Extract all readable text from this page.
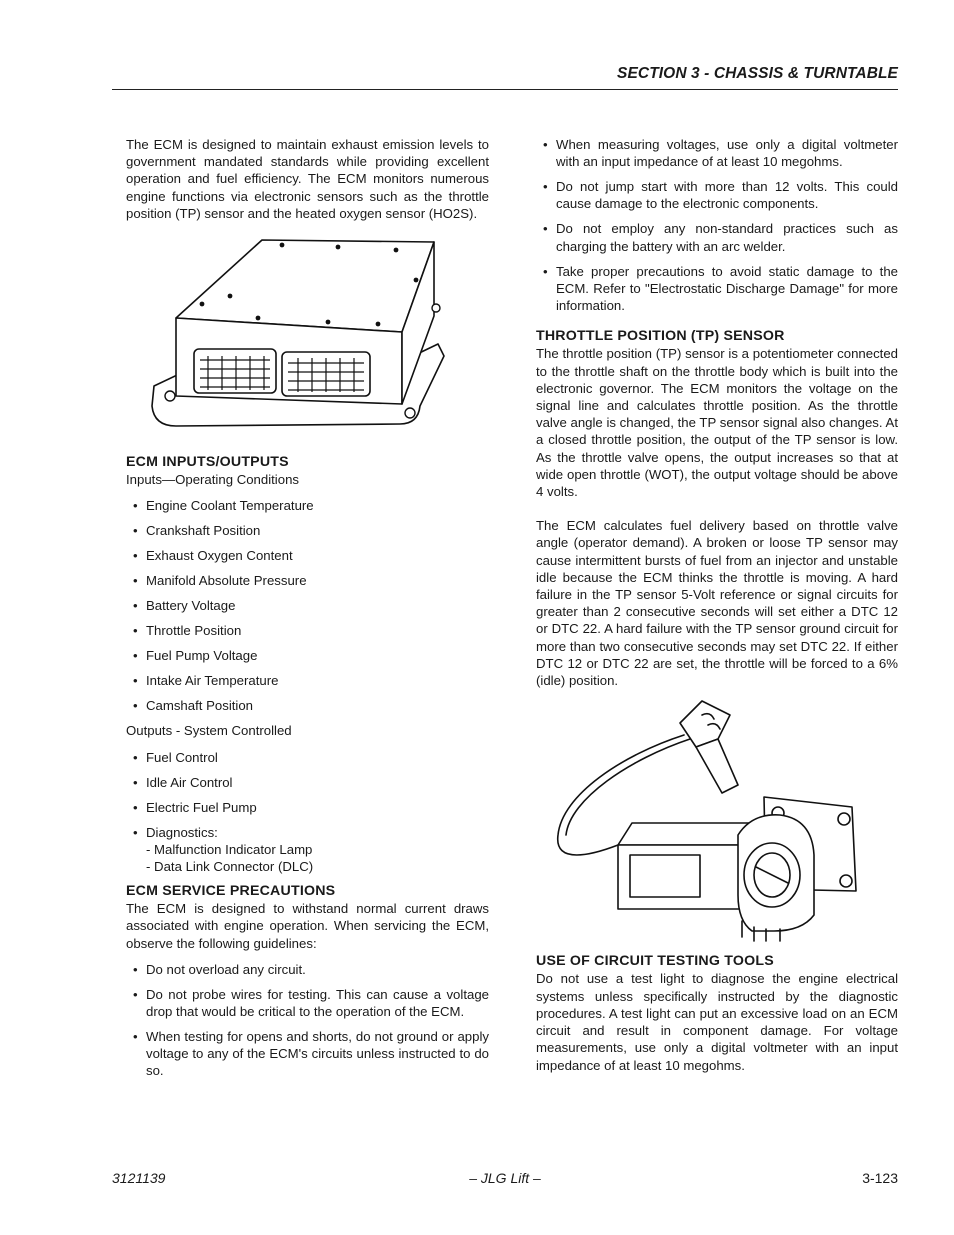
SECTION 3 - CHASSIS & TURNTABLE

The ECM is designed to maintain exhaust emission levels to government mandated standards while providing excellent operation and fuel efficiency. The ECM monitors numerous engine functions via electronic sensors such as the throttle position (TP) sensor and the heated oxygen sensor (HO2S).

ECM INPUTS/OUTPUTS

Inputs—Operating Conditions

• Engine Coolant Temperature
• Crankshaft Position
• Exhaust Oxygen Content
• Manifold Absolute Pressure
• Battery Voltage
• Throttle Position
• Fuel Pump Voltage
• Intake Air Temperature
• Camshaft Position

Outputs - System Controlled

• Fuel Control
• Idle Air Control
• Electric Fuel Pump
• Diagnostics:
- Malfunction Indicator Lamp
- Data Link Connector (DLC)
ECM SERVICE PRECAUTIONS

The ECM is designed to withstand normal current draws associated with engine operation. When servicing the ECM, observe the following guidelines:

• Do not overload any circuit.
• Do not probe wires for testing. This can cause a voltage drop that would be critical to the operation of the ECM.
• When testing for opens and shorts, do not ground or apply voltage to any of the ECM's circuits unless instructed to do so.
• When measuring voltages, use only a digital voltmeter with an input impedance of at least 10 megohms.
• Do not jump start with more than 12 volts. This could cause damage to the electronic components.
• Do not employ any non-standard practices such as charging the battery with an arc welder.
• Take proper precautions to avoid static damage to the ECM. Refer to "Electrostatic Discharge Damage" for more information.
THROTTLE POSITION (TP) SENSOR

The throttle position (TP) sensor is a potentiometer connected to the throttle shaft on the throttle body which is built into the electronic governor. The ECM monitors the voltage on the signal line and calculates throttle position. As the throttle valve angle is changed, the TP sensor signal also changes. At a closed throttle position, the output of the TP sensor is low. As the throttle valve opens, the output increases so that at wide open throttle (WOT), the output voltage should be above 4 volts.

The ECM calculates fuel delivery based on throttle valve angle (operator demand). A broken or loose TP sensor may cause intermittent bursts of fuel from an injector and unstable idle because the ECM thinks the throttle is moving. A hard failure in the TP sensor 5-Volt reference or signal circuits for greater than 2 consecutive seconds will set either a DTC 12 or DTC 22. A hard failure with the TP sensor ground circuit for more than two consecutive seconds may set DTC 22. If either DTC 12 or DTC 22 are set, the throttle will be forced to a 6% (idle) position.

USE OF CIRCUIT TESTING TOOLS

Do not use a test light to diagnose the engine electrical systems unless specifically instructed by the diagnostic procedures. A test light can put an excessive load on an ECM circuit and result in component damage. For voltage measurements, use only a digital voltmeter with an input impedance of at least 10 megohms.

3121139	– JLG Lift –	3-123
